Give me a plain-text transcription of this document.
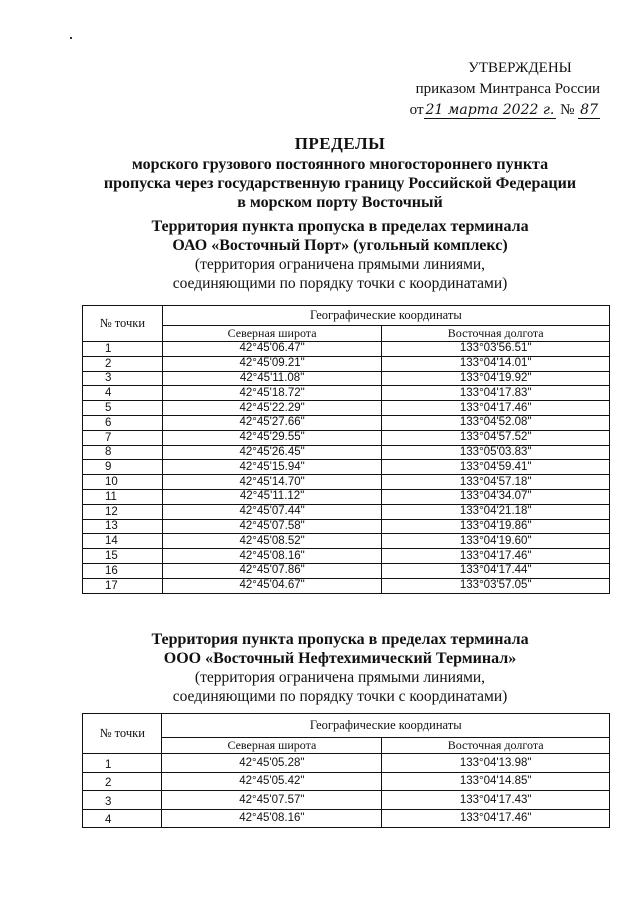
УТВЕРЖДЕНЫ
приказом Минтранса России
от 21 марта 2022 г. № 87
ПРЕДЕЛЫ
морского грузового постоянного многостороннего пункта
пропуска через государственную границу Российской Федерации
в морском порту Восточный
Территория пункта пропуска в пределах терминала
ОАО «Восточный Порт» (угольный комплекс)
(территория ограничена прямыми линиями,
соединяющими по порядку точки с координатами)
№ точки	Географические координаты	
	Северная широта	Восточная долгота
1	42°45'06.47"	133°03'56.51"
2	42°45'09.21"	133°04'14.01"
3	42°45'11.08"	133°04'19.92"
4	42°45'18.72"	133°04'17.83"
5	42°45'22.29"	133°04'17.46"
6	42°45'27.66"	133°04'52.08"
7	42°45'29.55"	133°04'57.52"
8	42°45'26.45"	133°05'03.83"
9	42°45'15.94"	133°04'59.41"
10	42°45'14.70"	133°04'57.18"
11	42°45'11.12"	133°04'34.07"
12	42°45'07.44"	133°04'21.18"
13	42°45'07.58"	133°04'19.86"
14	42°45'08.52"	133°04'19.60"
15	42°45'08.16"	133°04'17.46"
16	42°45'07.86"	133°04'17.44"
17	42°45'04.67"	133°03'57.05"
Территория пункта пропуска в пределах терминала
ООО «Восточный Нефтехимический Терминал»
(территория ограничена прямыми линиями,
соединяющими по порядку точки с координатами)
№ точки	Географические координаты	
	Северная широта	Восточная долгота
1	42°45'05.28"	133°04'13.98"
2	42°45'05.42"	133°04'14.85"
3	42°45'07.57"	133°04'17.43"
4	42°45'08.16"	133°04'17.46"
